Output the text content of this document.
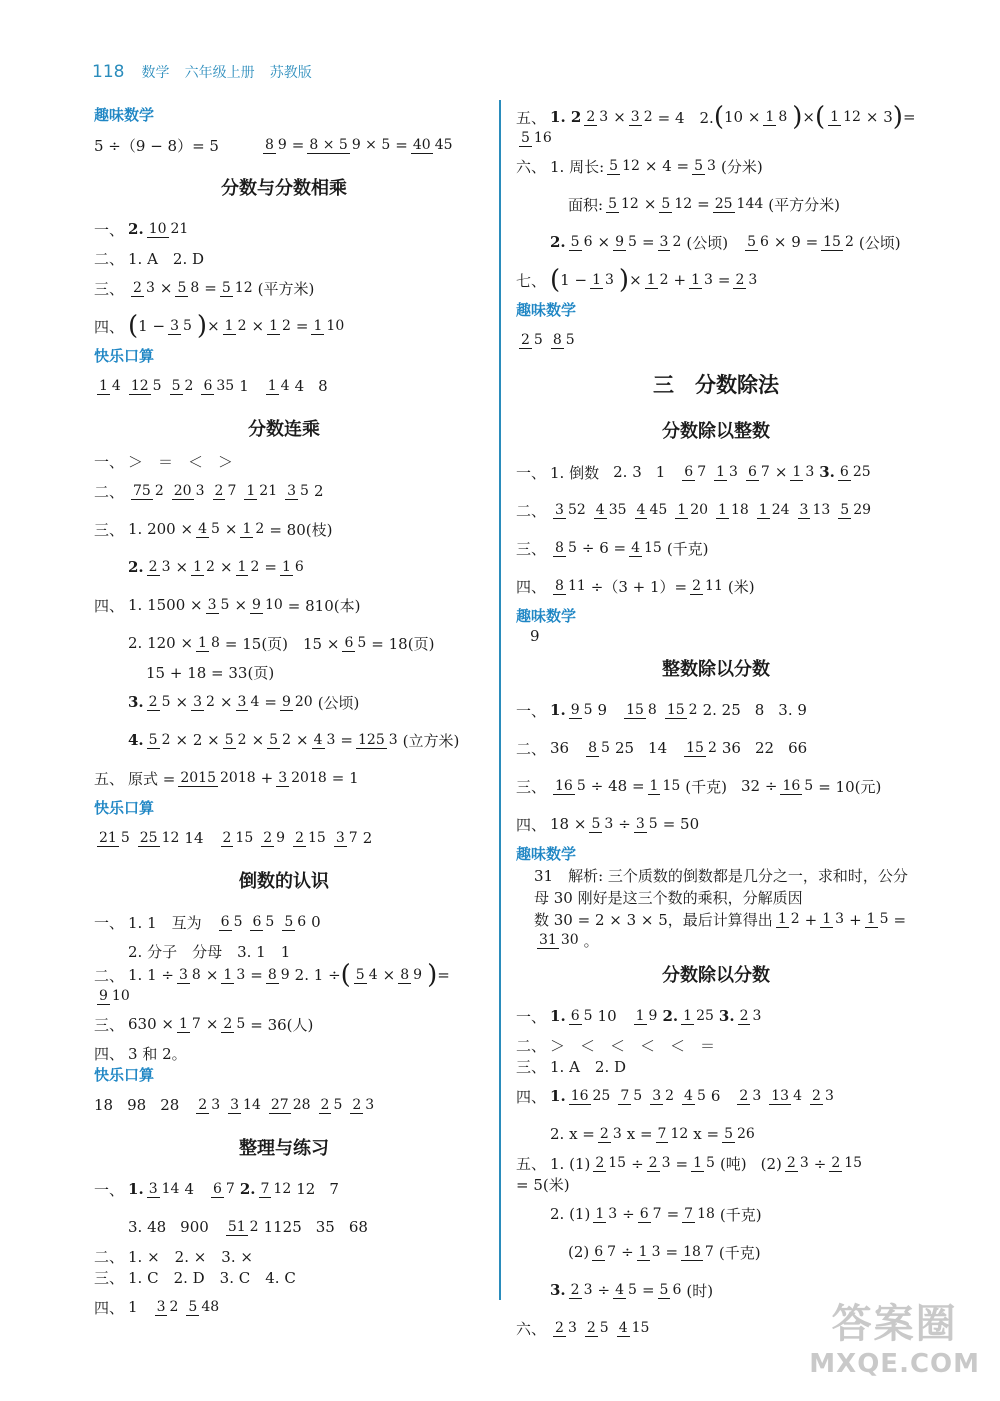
118 数学 六年级上册 苏教版
趣味数学
5 ÷（9 − 8）= 5	8 9 = 8 × 5 9 × 5 = 40 45
分数与分数相乘
一、 2. 10 21
二、 1. A　2. D
三、 2 3 × 5 8 = 5 12 (平方米)
四、 ( 1 − 3 5 ) × 1 2 × 1 2 = 1 10
快乐口算
1 4 12 5 5 2 6 35 1 1 4 4 8
分数连乘
一、 ＞　＝　＜　＞
二、 75 2 20 3 2 7 1 21 3 5 2
三、 1. 200 × 4 5 × 1 2 = 80(枝)
2. 2 3 × 1 2 × 1 2 = 1 6
四、 1. 1500 × 3 5 × 9 10 = 810(本)
2. 120 × 1 8 = 15(页)　15 × 6 5 = 18(页)
15 + 18 = 33(页)
3. 2 5 × 3 2 × 3 4 = 9 20 (公顷)
4. 5 2 × 2 × 5 2 × 5 2 × 4 3 = 125 3 (立方米)
五、 原式 = 2015 2018 + 3 2018 = 1
快乐口算
21 5 25 12 14 2 15 2 9 2 15 3 7 2
倒数的认识
一、 1. 1　互为 6 5 6 5 5 6 0
2. 分子　分母　3. 1　1
二、 1. 1 ÷ 3 8 × 1 3 = 8 9 2. 1 ÷ ( 5 4 × 8 9 ) =
9 10
三、 630 × 1 7 × 2 5 = 36(人)
四、 3 和 2。
快乐口算
18 98 28 2 3 3 14 27 28 2 5 2 3
整理与练习
一、 1. 3 14 4 6 7 2. 7 12 12 7
3. 48 900 51 2 1125 35 68
二、 1. ×　2. ×　3. ×
三、 1. C　2. D　3. C　4. C
四、 1 3 2 5 48
五、 1. 2 2 3 × 3 2 = 4　2. ( 10 × 1 8 ) × ( 1 12 × 3 ) =
5 16
六、 1. 周长: 5 12 × 4 = 5 3 (分米)
面积: 5 12 × 5 12 = 25 144 (平方分米)
2. 5 6 × 9 5 = 3 2 (公顷) 5 6 × 9 = 15 2 (公顷)
七、 ( 1 − 1 3 ) × 1 2 + 1 3 = 2 3
趣味数学
2 5 8 5
三　分数除法
分数除以整数
一、 1. 倒数 2. 3 1 6 7 1 3 6 7 × 1 3 3. 6 25
二、 3 52 4 35 4 45 1 20 1 18 1 24 3 13 5 29
三、 8 5 ÷ 6 = 4 15 (千克)
四、 8 11 ÷（3 + 1）= 2 11 (米)
趣味数学
9
整数除以分数
一、 1. 9 5 9 15 8 15 2 2. 25 8 3. 9
二、 36 8 5 25 14 15 2 36 22 66
三、 16 5 ÷ 48 = 1 15 (千克) 32 ÷ 16 5 = 10(元)
四、 18 × 5 3 ÷ 3 5 = 50
趣味数学
31　解析: 三个质数的倒数都是几分之一，求和时，公分母 30 刚好是这三个数的乘积，分解质因
数 30 = 2 × 3 × 5，最后计算得出 1 2 + 1 3 + 1 5 =
31 30 。
分数除以分数
一、 1. 6 5 10 1 9 2. 1 25 3. 2 3
二、 ＞　＜　＜　＜　＜　＝
三、 1. A　2. D
四、 1. 16 25 7 5 3 2 4 5 6 2 3 13 4 2 3
2. x = 2 3 x = 7 12 x = 5 26
五、 1. (1) 2 15 ÷ 2 3 = 1 5 (吨) (2) 2 3 ÷ 2 15
= 5(米)
2. (1) 1 3 ÷ 6 7 = 7 18 (千克)
(2) 6 7 ÷ 1 3 = 18 7 (千克)
3. 2 3 ÷ 4 5 = 5 6 (时)
六、 2 3 2 5 4 15	答案圈
MXQE.COM
